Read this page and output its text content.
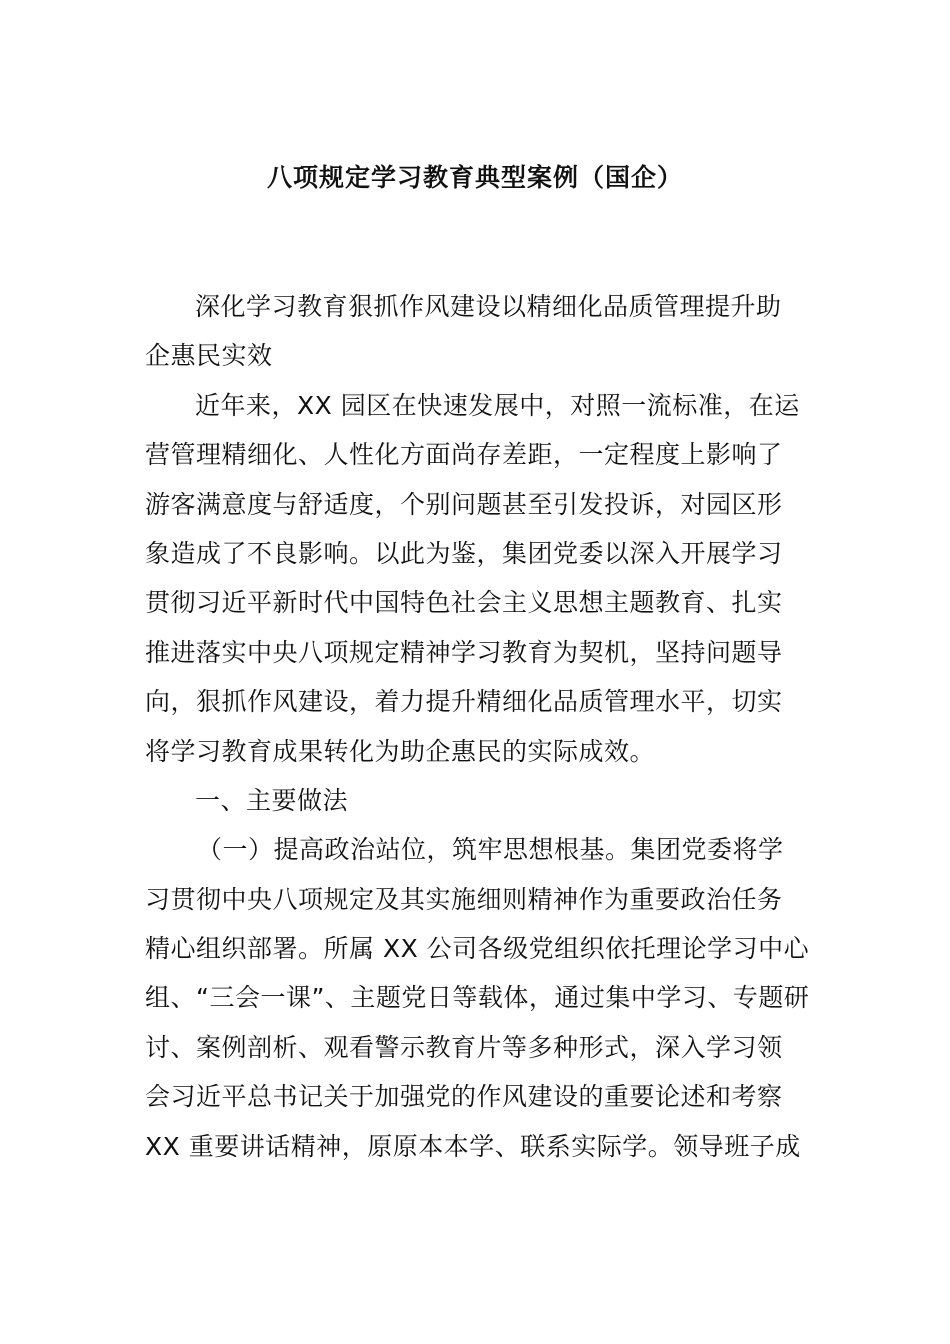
八项规定学习教育典型案例（国企）
深化学习教育狠抓作风建设以精细化品质管理提升助
企惠民实效
近年来，XX 园区在快速发展中，对照一流标准，在运
营管理精细化、人性化方面尚存差距，一定程度上影响了
游客满意度与舒适度，个别问题甚至引发投诉，对园区形
象造成了不良影响。以此为鉴，集团党委以深入开展学习
贯彻习近平新时代中国特色社会主义思想主题教育、扎实
推进落实中央八项规定精神学习教育为契机，坚持问题导
向，狠抓作风建设，着力提升精细化品质管理水平，切实
将学习教育成果转化为助企惠民的实际成效。
一、主要做法
（一）提高政治站位，筑牢思想根基。集团党委将学
习贯彻中央八项规定及其实施细则精神作为重要政治任务
精心组织部署。所属 XX 公司各级党组织依托理论学习中心
组、“三会一课”、主题党日等载体，通过集中学习、专题研
讨、案例剖析、观看警示教育片等多种形式，深入学习领
会习近平总书记关于加强党的作风建设的重要论述和考察
XX 重要讲话精神，原原本本学、联系实际学。领导班子成
